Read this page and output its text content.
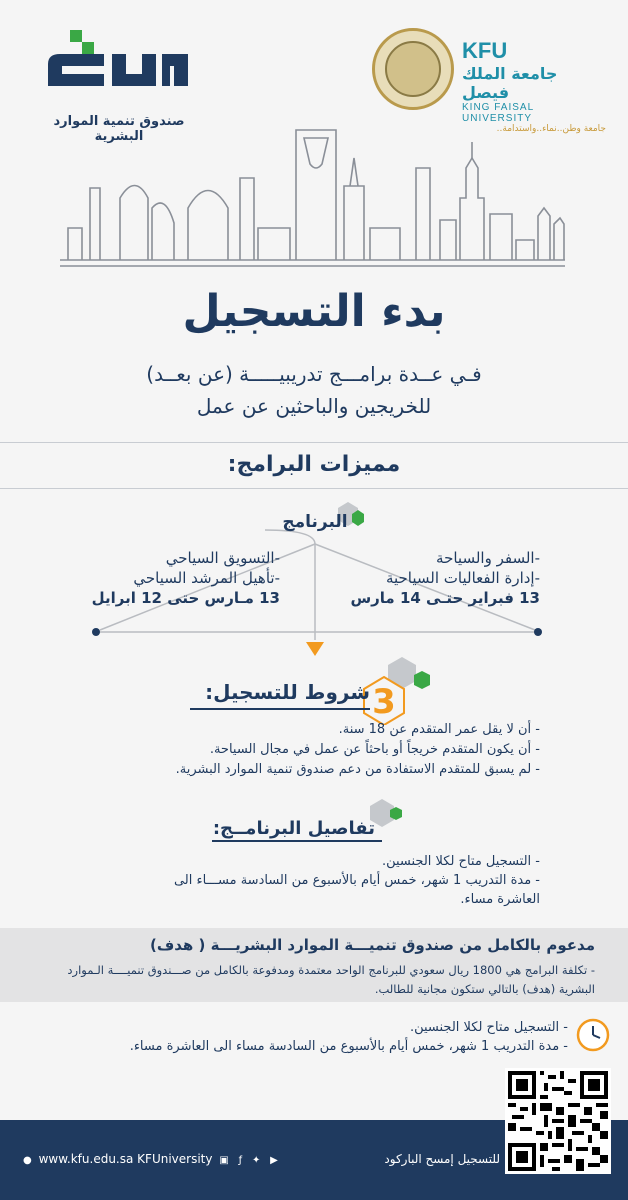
صندوق تنمية الموارد البشرية
KFU
جامعة الملك فيصل
KING FAISAL UNIVERSITY
جامعة وطن..نماء..واستدامة..
بدء التسجيل
فـي عــدة برامـــج تدريبيـــــة (عن بعــد)
للخريجين والباحثين عن عمل
مميزات البرامج:
البرنامج
-السفر والسياحة
-إدارة الفعاليات السياحية
13 فبراير حتـى 14 مارس
-التسويق السياحي
-تأهيل المرشد السياحي
13 مـارس حتى 12 ابرايل
3
شروط للتسجيل:
- أن لا يقل عمر المتقدم عن 18 سنة.
- أن يكون المتقدم خريجاً أو باحثاً عن عمل في مجال السياحة.
- لم يسبق للمتقدم الاستفادة من دعم صندوق تنمية الموارد البشرية.
تفاصيل البرنامــج:
- التسجيل متاح لكلا الجنسين.
- مدة التدريب 1 شهر، خمس أيام بالأسبوع من السادسة مســـاء الى العاشرة مساء.
مدعوم بالكامل من صندوق تنميـــة الموارد البشريـــة ( هدف)
- تكلفة البرامج هي 1800 ريال سعودي للبرنامج الواحد معتمدة ومدفوعة بالكامل من صـــندوق تنميــــة الـموارد البشرية (هدف) بالتالي ستكون مجانية للطالب.
- التسجيل متاح لكلا الجنسين.
- مدة التدريب 1 شهر، خمس أيام بالأسبوع من السادسة مساء الى العاشرة مساء.
للتسجيل إمسح الباركود
● www.kfu.edu.sa KFUniversity ▣ ƒ ✦ ▶
